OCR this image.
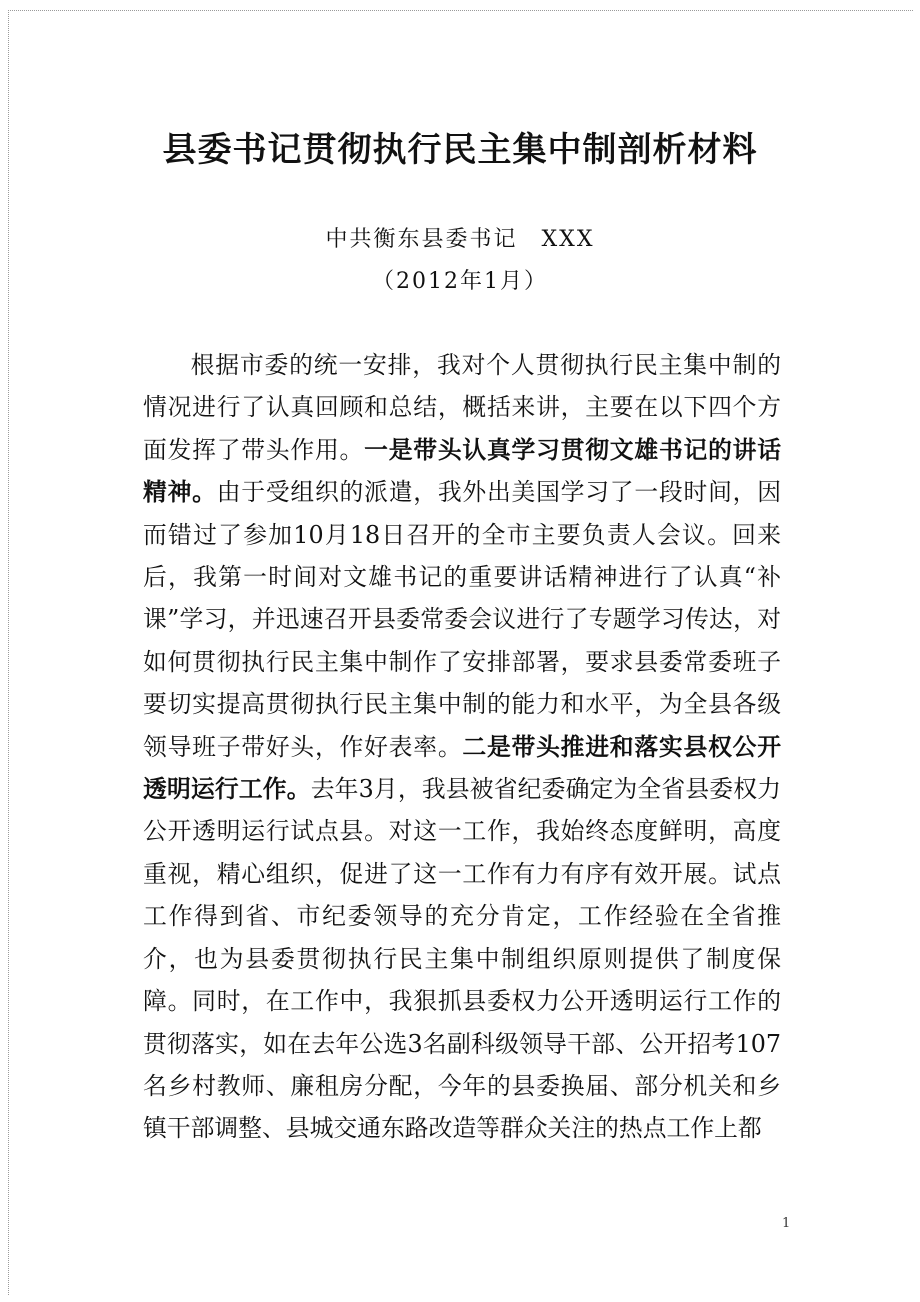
县委书记贯彻执行民主集中制剖析材料
中共衡东县委书记　XXX
（2012年1月）

根据市委的统一安排，我对个人贯彻执行民主集中制的情况进行了认真回顾和总结，概括来讲，主要在以下四个方面发挥了带头作用。一是带头认真学习贯彻文雄书记的讲话精神。由于受组织的派遣，我外出美国学习了一段时间，因而错过了参加10月18日召开的全市主要负责人会议。回来后，我第一时间对文雄书记的重要讲话精神进行了认真“补课”学习，并迅速召开县委常委会议进行了专题学习传达，对如何贯彻执行民主集中制作了安排部署，要求县委常委班子要切实提高贯彻执行民主集中制的能力和水平，为全县各级领导班子带好头，作好表率。二是带头推进和落实县权公开透明运行工作。去年3月，我县被省纪委确定为全省县委权力公开透明运行试点县。对这一工作，我始终态度鲜明，高度重视，精心组织，促进了这一工作有力有序有效开展。试点工作得到省、市纪委领导的充分肯定，工作经验在全省推介，也为县委贯彻执行民主集中制组织原则提供了制度保障。同时，在工作中，我狠抓县委权力公开透明运行工作的贯彻落实，如在去年公选3名副科级领导干部、公开招考107名乡村教师、廉租房分配，今年的县委换届、部分机关和乡镇干部调整、县城交通东路改造等群众关注的热点工作上都

1
